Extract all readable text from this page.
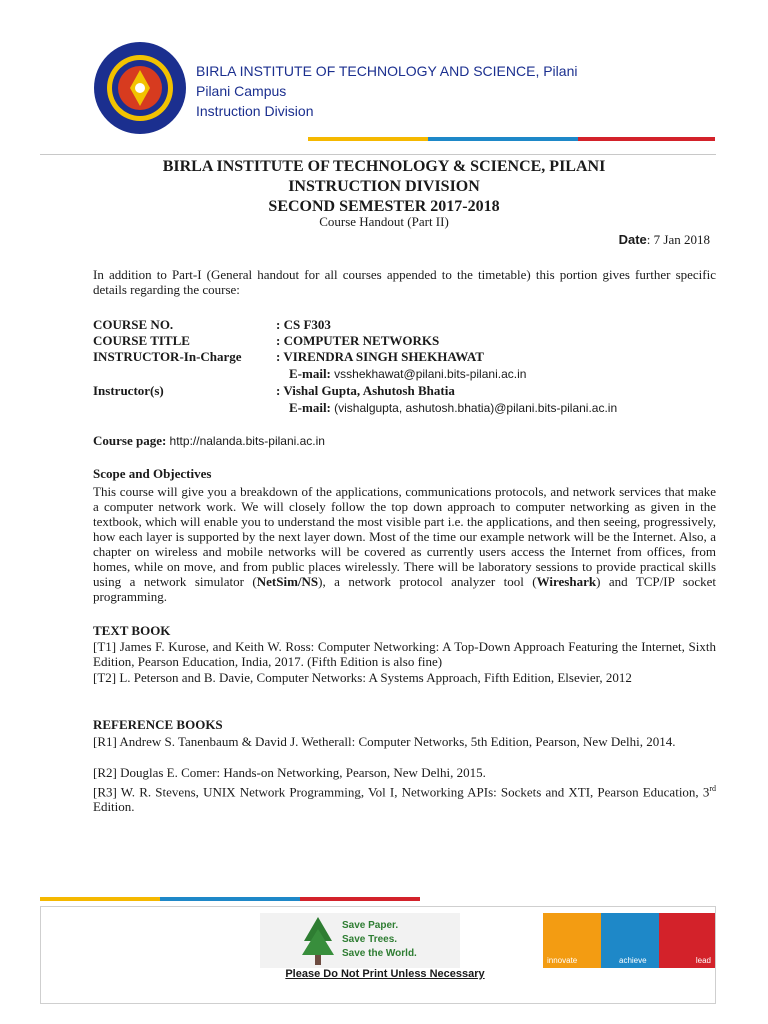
BIRLA INSTITUTE OF TECHNOLOGY AND SCIENCE, Pilani
Pilani Campus
Instruction Division
BIRLA INSTITUTE OF TECHNOLOGY & SCIENCE, PILANI
INSTRUCTION DIVISION
SECOND SEMESTER 2017-2018
Course Handout (Part II)
Date: 7 Jan 2018
In addition to Part-I (General handout for all courses appended to the timetable) this portion gives further specific details regarding the course:
COURSE NO.	: CS F303
COURSE TITLE	: COMPUTER NETWORKS
INSTRUCTOR-In-Charge	: VIRENDRA SINGH SHEKHAWAT
E-mail: vsshekhawat@pilani.bits-pilani.ac.in
Instructor(s)	: Vishal Gupta, Ashutosh Bhatia
E-mail: (vishalgupta, ashutosh.bhatia)@pilani.bits-pilani.ac.in
Course page: http://nalanda.bits-pilani.ac.in
Scope and Objectives
This course will give you a breakdown of the applications, communications protocols, and network services that make a computer network work. We will closely follow the top down approach to computer networking as given in the textbook, which will enable you to understand the most visible part i.e. the applications, and then seeing, progressively, how each layer is supported by the next layer down. Most of the time our example network will be the Internet. Also, a chapter on wireless and mobile networks will be covered as currently users access the Internet from offices, from homes, while on move, and from public places wirelessly. There will be laboratory sessions to provide practical skills using a network simulator (NetSim/NS), a network protocol analyzer tool (Wireshark) and TCP/IP socket programming.
TEXT BOOK
[T1] James F. Kurose, and Keith W. Ross: Computer Networking: A Top-Down Approach Featuring the Internet, Sixth Edition, Pearson Education, India, 2017. (Fifth Edition is also fine)
[T2] L. Peterson and B. Davie, Computer Networks: A Systems Approach, Fifth Edition, Elsevier, 2012
REFERENCE BOOKS
[R1] Andrew S. Tanenbaum & David J. Wetherall: Computer Networks, 5th Edition, Pearson, New Delhi, 2014.
[R2] Douglas E. Comer: Hands-on Networking, Pearson, New Delhi, 2015.
[R3] W. R. Stevens, UNIX Network Programming, Vol I, Networking APIs: Sockets and XTI, Pearson Education, 3rd Edition.
Save Paper.
Save Trees.
Save the World.
Please Do Not Print Unless Necessary
innovate	achieve	lead
